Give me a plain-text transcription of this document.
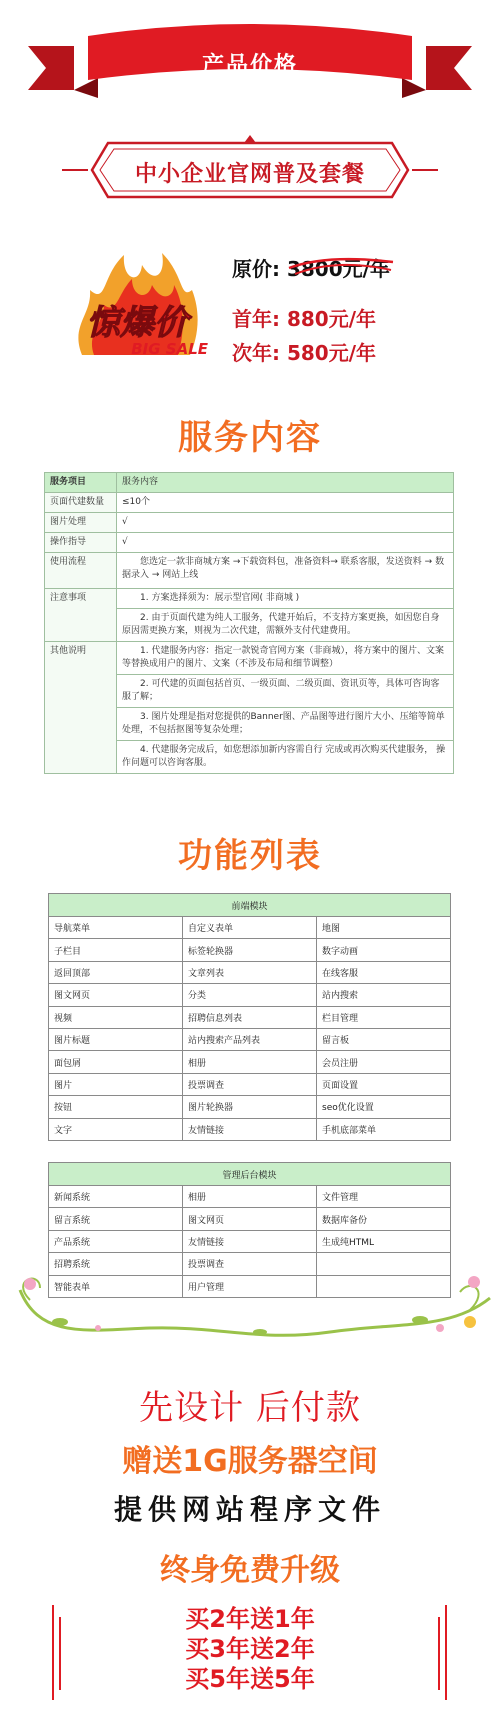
产品价格
中小企业官网普及套餐
惊爆价
BIG SALE
原价: 3800元/年
首年: 880元/年
次年: 580元/年
服务内容
服务项目	服务内容
页面代建数量	≤10个
图片处理	√
操作指导	√
使用流程	您选定一款非商城方案 →下载资料包，准备资料→ 联系客服，发送资料 → 数据录入 → 网站上线
注意事项	1. 方案选择须为：展示型官网( 非商城 )
	2. 由于页面代建为纯人工服务，代建开始后，不支持方案更换，如因您自身原因需更换方案，则视为二次代建，需额外支付代建费用。
其他说明	1. 代建服务内容：指定一款锐奇官网方案（非商城），将方案中的图片、文案等替换成用户的图片、文案（不涉及布局和细节调整）
	2. 可代建的页面包括首页、一级页面、二级页面、资讯页等，具体可咨询客服了解；
	3. 图片处理是指对您提供的Banner图、产品图等进行图片大小、压缩等简单处理，不包括抠图等复杂处理；
	4. 代建服务完成后，如您想添加新内容需自行 完成或再次购买代建服务， 操作问题可以咨询客服。
功能列表
前端模块		
导航菜单	自定义表单	地图
子栏目	标签轮换器	数字动画
返回顶部	文章列表	在线客服
图文网页	分类	站内搜索
视频	招聘信息列表	栏目管理
图片标题	站内搜索产品列表	留言板
面包屑	相册	会员注册
图片	投票调查	页面设置
按钮	图片轮换器	seo优化设置
文字	友情链接	手机底部菜单
管理后台模块		
新闻系统	相册	文件管理
留言系统	图文网页	数据库备份
产品系统	友情链接	生成纯HTML
招聘系统	投票调查	
智能表单	用户管理	
先设计 后付款
赠送1G服务器空间
提供网站程序文件
终身免费升级
买2年送1年
买3年送2年
买5年送5年
